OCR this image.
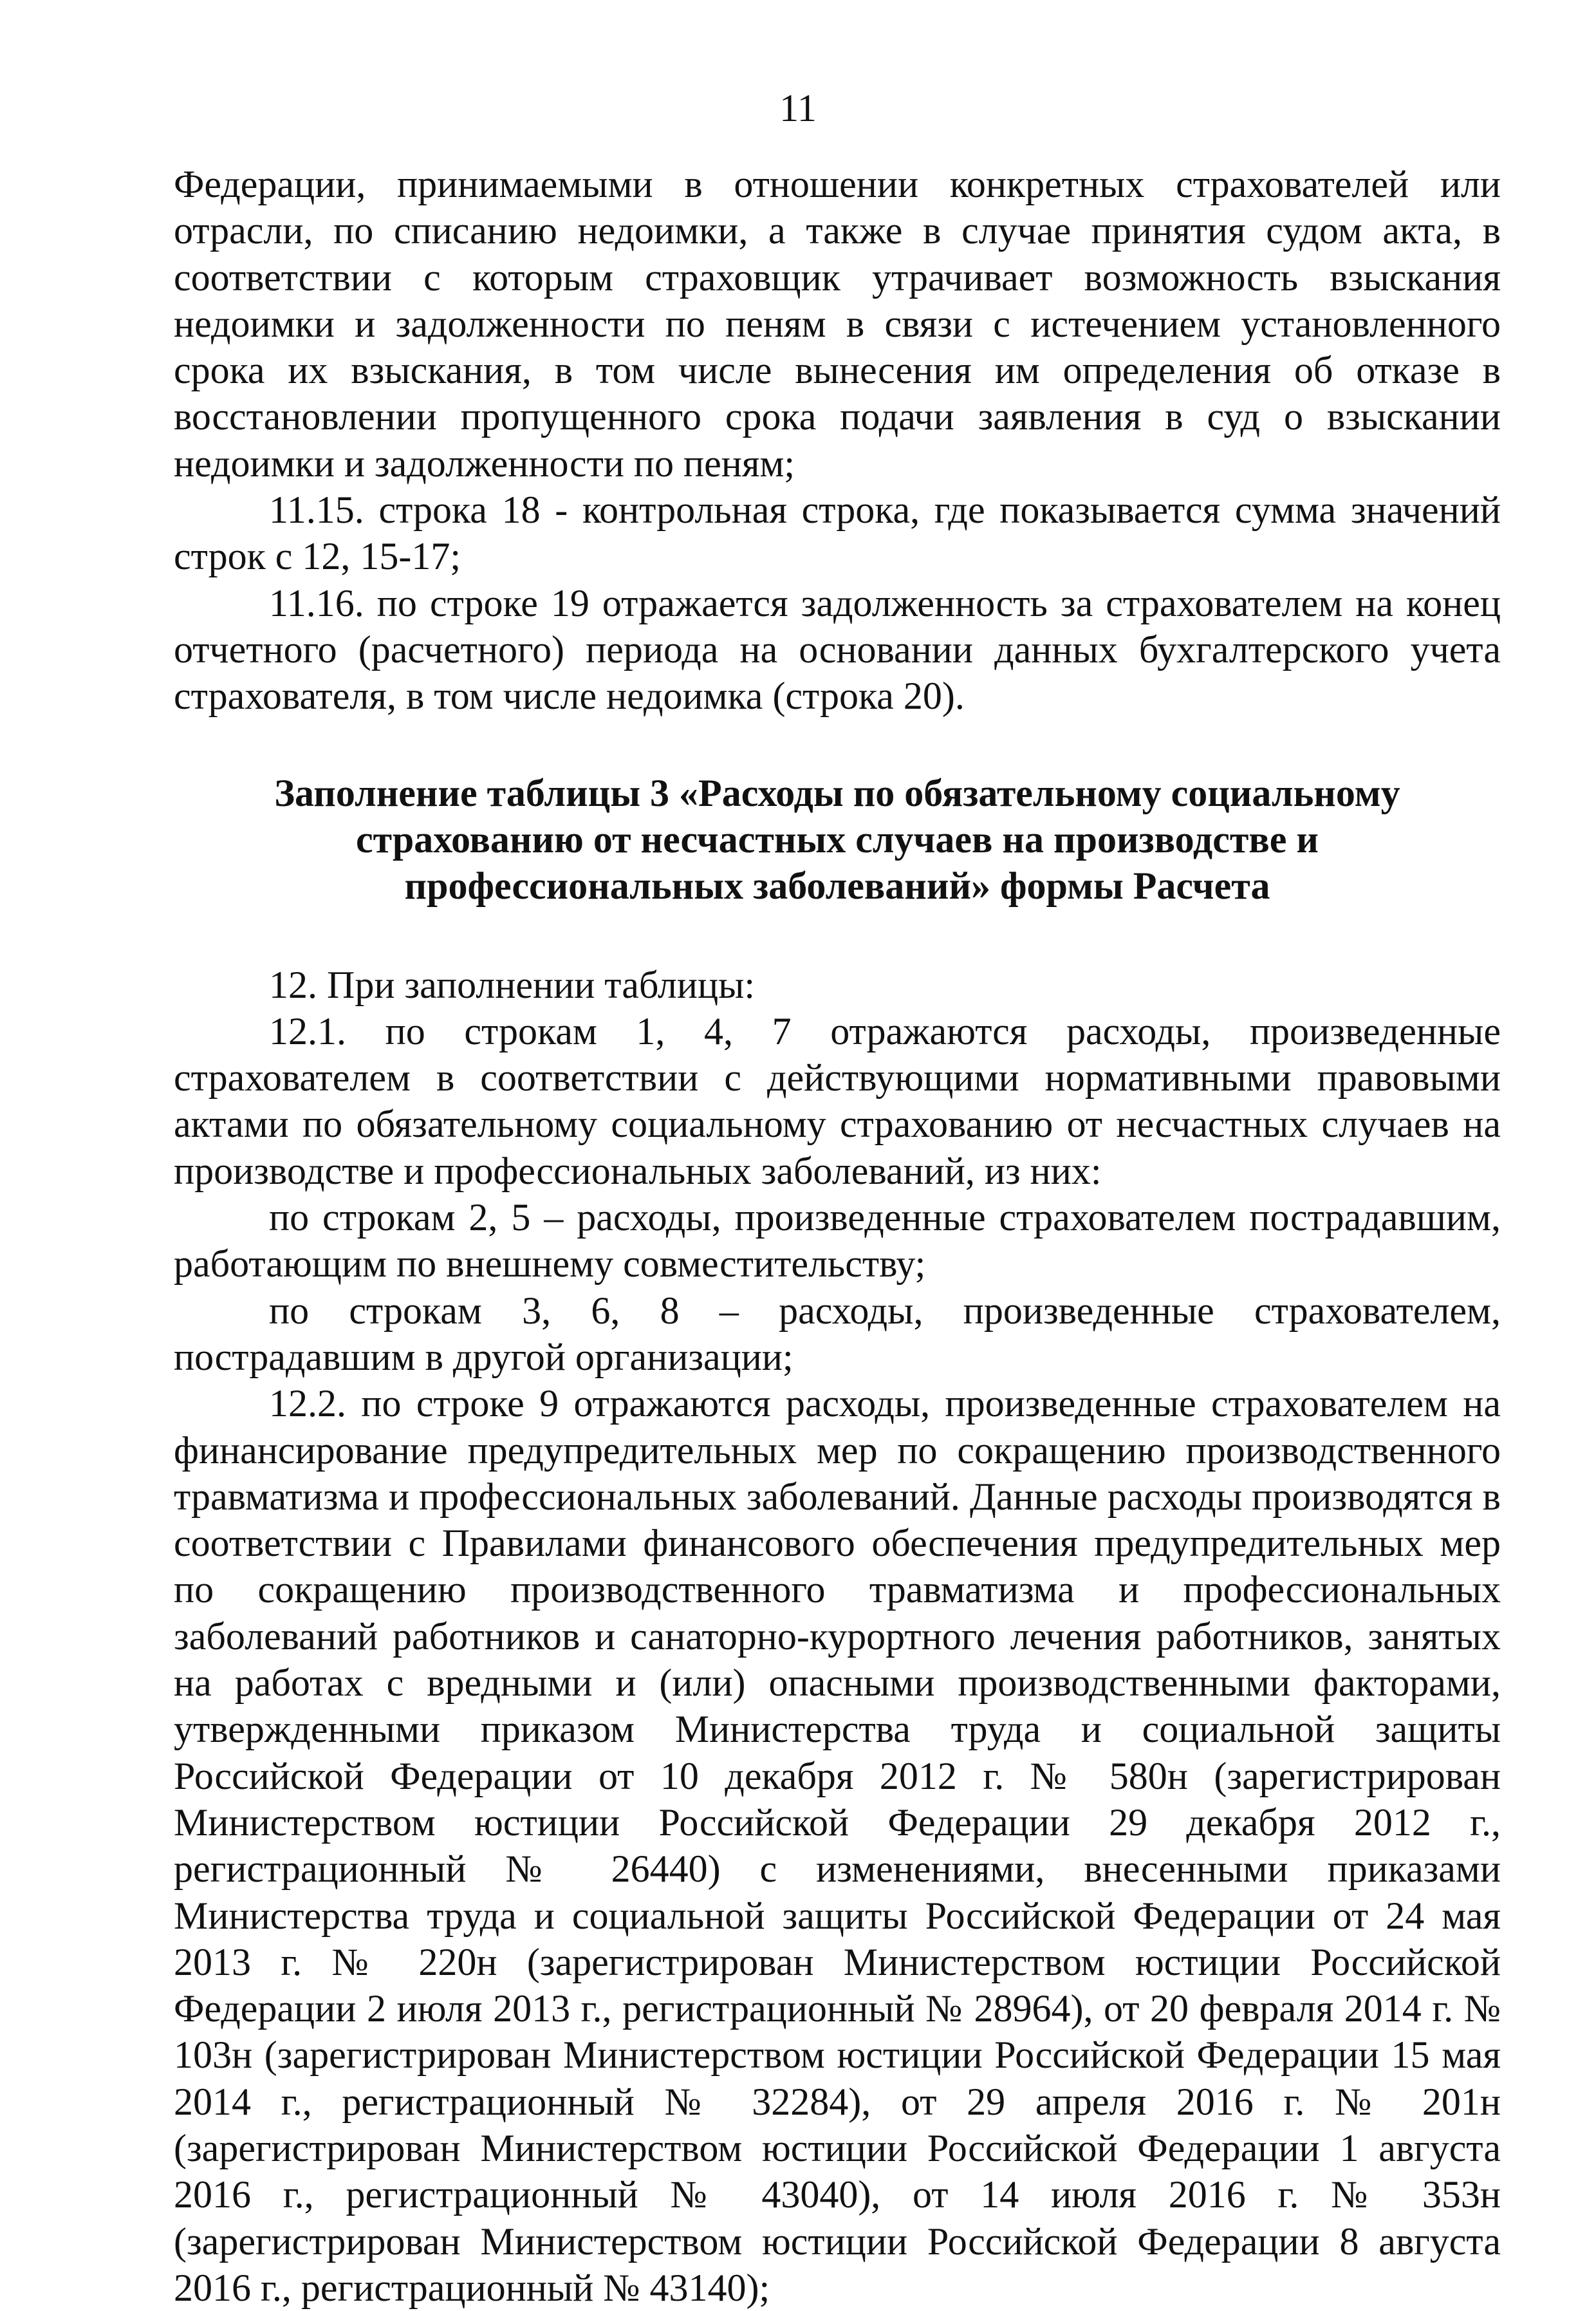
11

Федерации, принимаемыми в отношении конкретных страхователей или отрасли, по списанию недоимки, а также в случае принятия судом акта, в соответствии с которым страховщик утрачивает возможность взыскания недоимки и задолженности по пеням в связи с истечением установленного срока их взыскания, в том числе вынесения им определения об отказе в восстановлении пропущенного срока подачи заявления в суд о взыскании недоимки и задолженности по пеням;

11.15. строка 18 - контрольная строка, где показывается сумма значений строк с 12, 15-17;

11.16. по строке 19 отражается задолженность за страхователем на конец отчетного (расчетного) периода на основании данных бухгалтерского учета страхователя, в том числе недоимка (строка 20).

Заполнение таблицы 3 «Расходы по обязательному социальному страхованию от несчастных случаев на производстве и профессиональных заболеваний» формы Расчета

12. При заполнении таблицы:

12.1. по строкам 1, 4, 7 отражаются расходы, произведенные страхователем в соответствии с действующими нормативными правовыми актами по обязательному социальному страхованию от несчастных случаев на производстве и профессиональных заболеваний, из них:

по строкам 2, 5 – расходы, произведенные страхователем пострадавшим, работающим по внешнему совместительству;

по строкам 3, 6, 8 – расходы, произведенные страхователем, пострадавшим в другой организации;

12.2. по строке 9 отражаются расходы, произведенные страхователем на финансирование предупредительных мер по сокращению производственного травматизма и профессиональных заболеваний. Данные расходы производятся в соответствии с Правилами финансового обеспечения предупредительных мер по сокращению производственного травматизма и профессиональных заболеваний работников и санаторно-курортного лечения работников, занятых на работах с вредными и (или) опасными производственными факторами, утвержденными приказом Министерства труда и социальной защиты Российской Федерации от 10 декабря 2012 г. № 580н (зарегистрирован Министерством юстиции Российской Федерации 29 декабря 2012 г., регистрационный № 26440) с изменениями, внесенными приказами Министерства труда и социальной защиты Российской Федерации от 24 мая 2013 г. № 220н (зарегистрирован Министерством юстиции Российской Федерации 2 июля 2013 г., регистрационный № 28964), от 20 февраля 2014 г. № 103н (зарегистрирован Министерством юстиции Российской Федерации 15 мая 2014 г., регистрационный № 32284), от 29 апреля 2016 г. № 201н (зарегистрирован Министерством юстиции Российской Федерации 1 августа 2016 г., регистрационный № 43040), от 14 июля 2016 г. № 353н (зарегистрирован Министерством юстиции Российской Федерации 8 августа 2016 г., регистрационный № 43140);
